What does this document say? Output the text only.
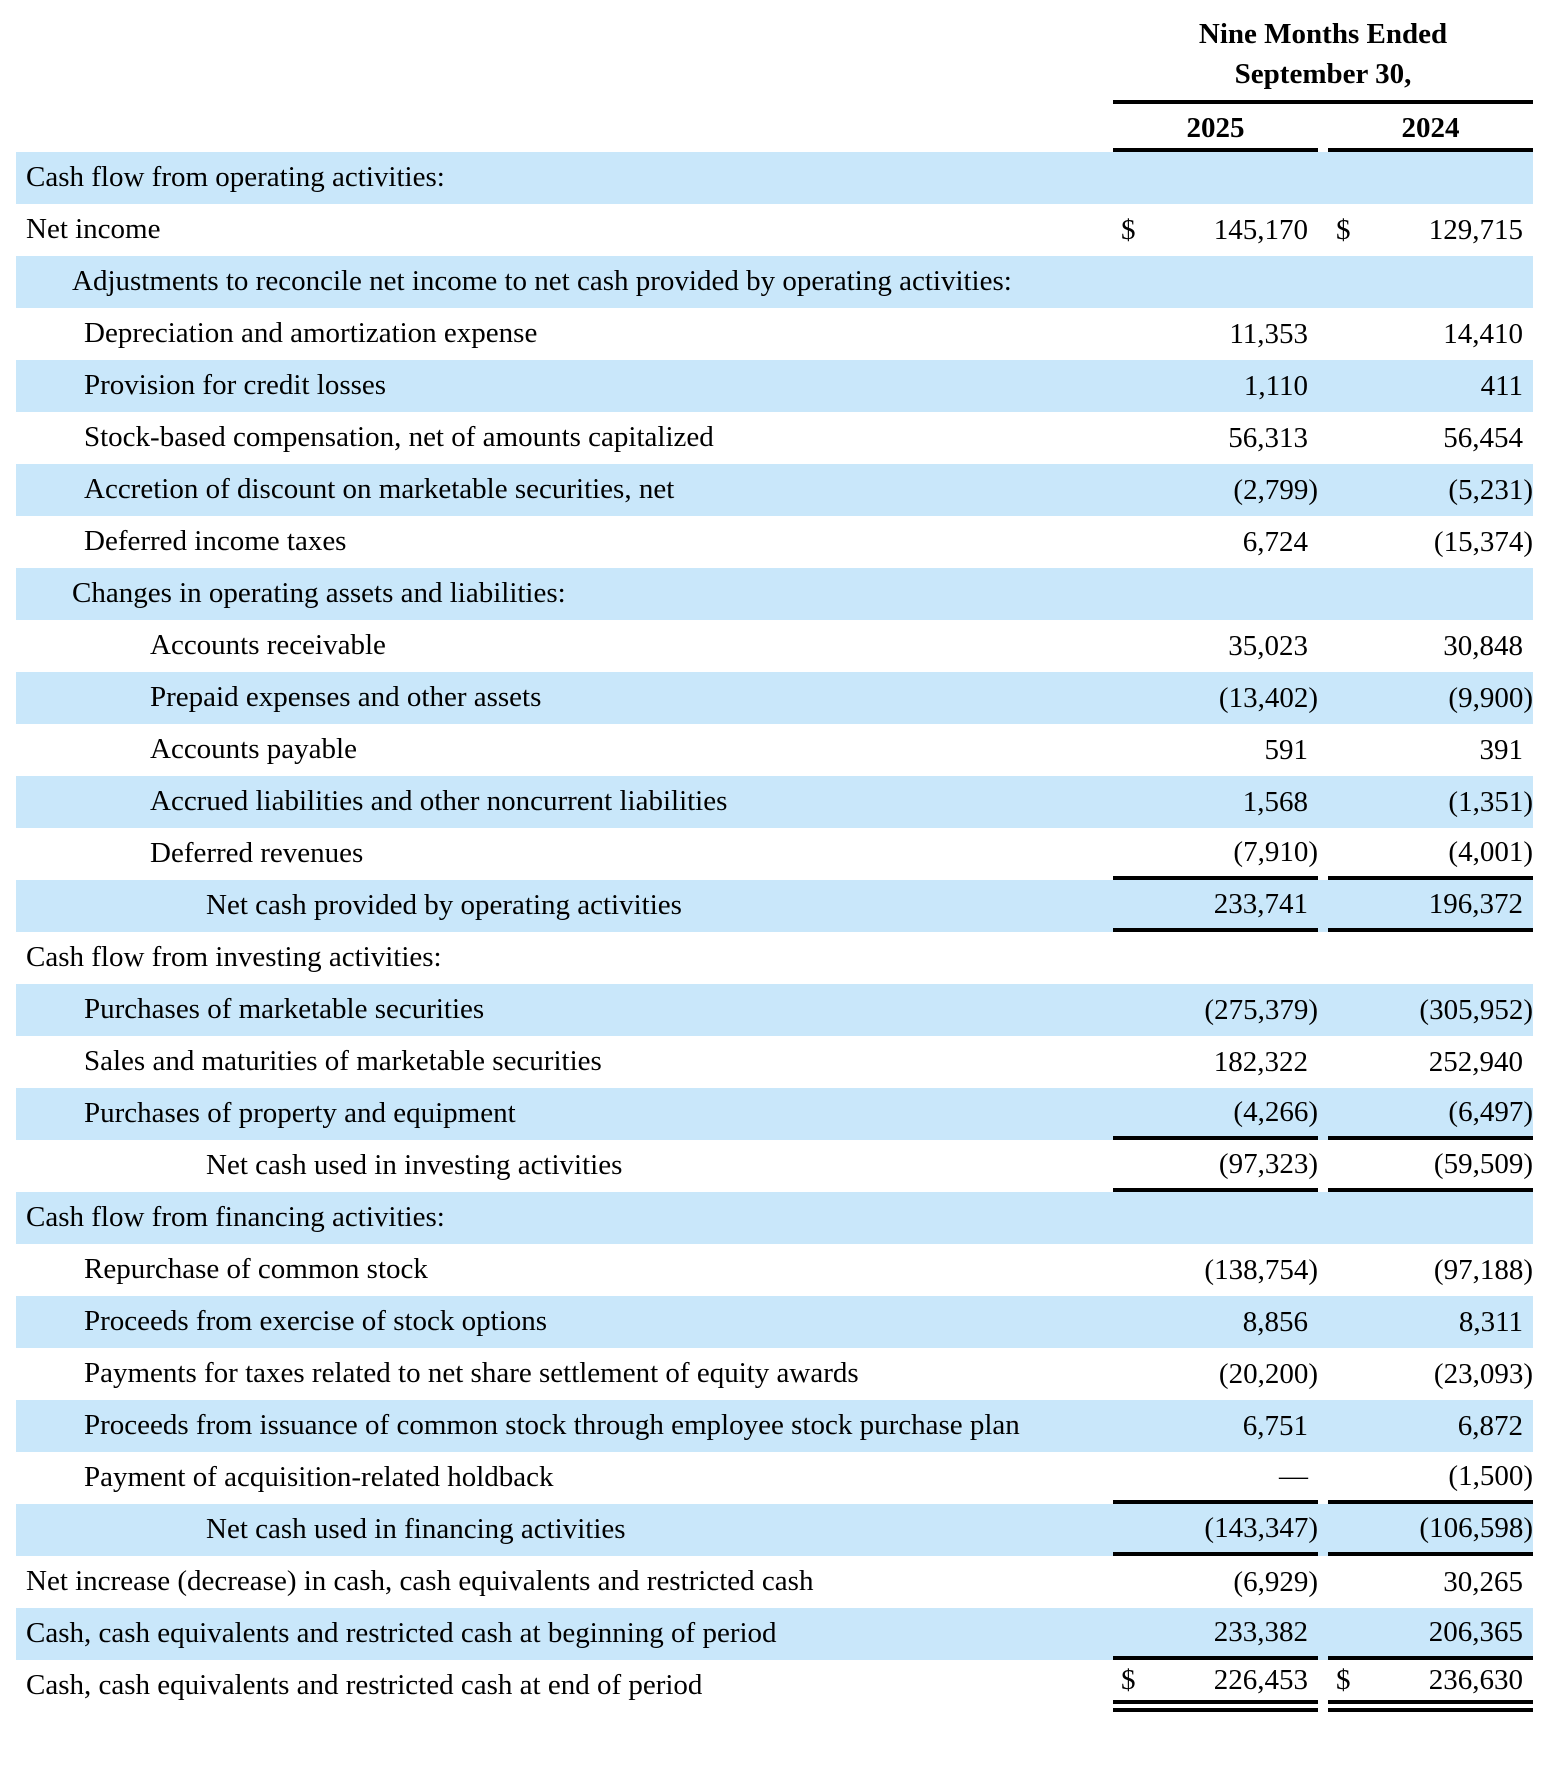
Nine Months Ended
September 30,
2025	2024
Cash flow from operating activities:
Net income	$	145,170 $	129,715
Adjustments to reconcile net income to net cash provided by operating activities:
Depreciation and amortization expense	11,353	14,410
Provision for credit losses	1,110	411
Stock-based compensation, net of amounts capitalized	56,313	56,454
Accretion of discount on marketable securities, net	(2,799)	(5,231)
Deferred income taxes	6,724	(15,374)
Changes in operating assets and liabilities:
Accounts receivable	35,023	30,848
Prepaid expenses and other assets	(13,402)	(9,900)
Accounts payable	591	391
Accrued liabilities and other noncurrent liabilities	1,568	(1,351)
Deferred revenues	(7,910)	(4,001)
Net cash provided by operating activities	233,741	196,372
Cash flow from investing activities:
Purchases of marketable securities	(275,379)	(305,952)
Sales and maturities of marketable securities	182,322	252,940
Purchases of property and equipment	(4,266)	(6,497)
Net cash used in investing activities	(97,323)	(59,509)
Cash flow from financing activities:
Repurchase of common stock	(138,754)	(97,188)
Proceeds from exercise of stock options	8,856	8,311
Payments for taxes related to net share settlement of equity awards	(20,200)	(23,093)
Proceeds from issuance of common stock through employee stock purchase plan	6,751	6,872
Payment of acquisition-related holdback	—	(1,500)
Net cash used in financing activities	(143,347)	(106,598)
Net increase (decrease) in cash, cash equivalents and restricted cash	(6,929)	30,265
Cash, cash equivalents and restricted cash at beginning of period	233,382	206,365
Cash, cash equivalents and restricted cash at end of period	$	226,453 $	236,630
